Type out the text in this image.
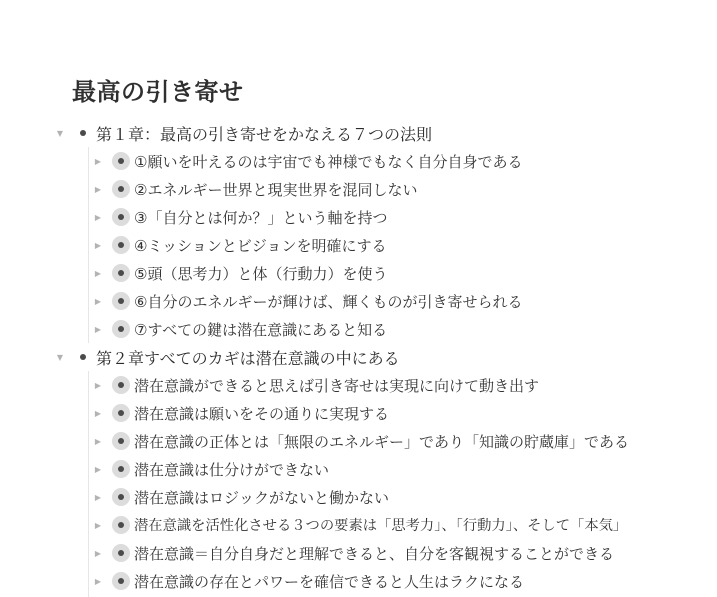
最高の引き寄せ
▼ 第１章：最高の引き寄せをかなえる７つの法則
▶ ①願いを叶えるのは宇宙でも神様でもなく自分自身である
▶ ②エネルギー世界と現実世界を混同しない
▶ ③「自分とは何か？」という軸を持つ
▶ ④ミッションとビジョンを明確にする
▶ ⑤頭（思考力）と体（行動力）を使う
▶ ⑥自分のエネルギーが輝けば、輝くものが引き寄せられる
▶ ⑦すべての鍵は潜在意識にあると知る
▼ 第２章すべてのカギは潜在意識の中にある
▶ 潜在意識ができると思えば引き寄せは実現に向けて動き出す
▶ 潜在意識は願いをその通りに実現する
▶ 潜在意識の正体とは「無限のエネルギー」であり「知識の貯蔵庫」である
▶ 潜在意識は仕分けができない
▶ 潜在意識はロジックがないと働かない
▶ 潜在意識を活性化させる３つの要素は「思考力」、「行動力」、そして「本気」
▶ 潜在意識＝自分自身だと理解できると、自分を客観視することができる
▶ 潜在意識の存在とパワーを確信できると人生はラクになる
